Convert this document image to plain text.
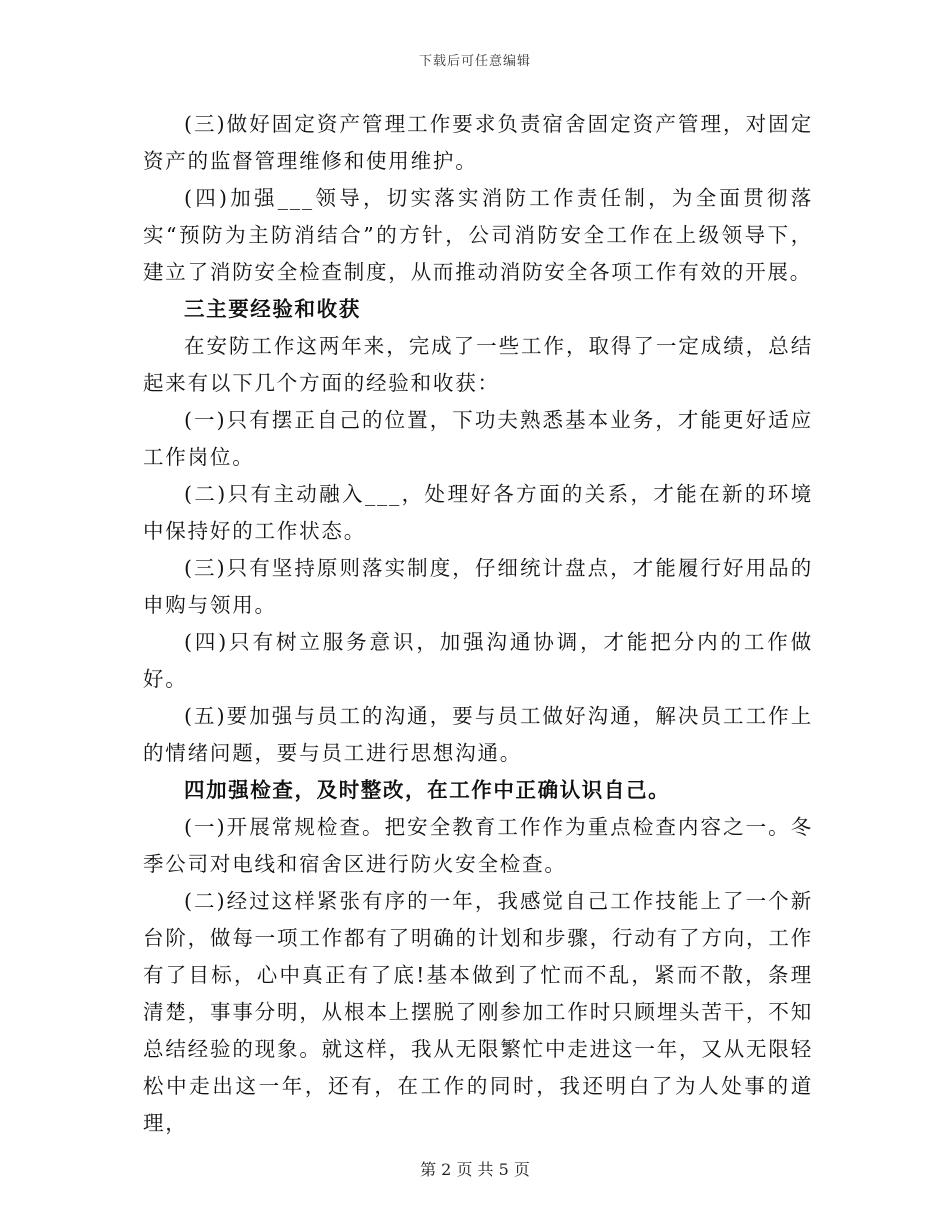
下载后可任意编辑

(三)做好固定资产管理工作要求负责宿舍固定资产管理，对固定资产的监督管理维修和使用维护。

(四)加强___领导，切实落实消防工作责任制，为全面贯彻落实“预防为主防消结合”的方针，公司消防安全工作在上级领导下，建立了消防安全检查制度，从而推动消防安全各项工作有效的开展。

三主要经验和收获

在安防工作这两年来，完成了一些工作，取得了一定成绩，总结起来有以下几个方面的经验和收获：

(一)只有摆正自己的位置，下功夫熟悉基本业务，才能更好适应工作岗位。

(二)只有主动融入___，处理好各方面的关系，才能在新的环境中保持好的工作状态。

(三)只有坚持原则落实制度，仔细统计盘点，才能履行好用品的申购与领用。

(四)只有树立服务意识，加强沟通协调，才能把分内的工作做好。

(五)要加强与员工的沟通，要与员工做好沟通，解决员工工作上的情绪问题，要与员工进行思想沟通。

四加强检查，及时整改，在工作中正确认识自己。

(一)开展常规检查。把安全教育工作作为重点检查内容之一。冬季公司对电线和宿舍区进行防火安全检查。

(二)经过这样紧张有序的一年，我感觉自己工作技能上了一个新台阶，做每一项工作都有了明确的计划和步骤，行动有了方向，工作有了目标，心中真正有了底!基本做到了忙而不乱，紧而不散，条理清楚，事事分明，从根本上摆脱了刚参加工作时只顾埋头苦干，不知总结经验的现象。就这样，我从无限繁忙中走进这一年，又从无限轻松中走出这一年，还有，在工作的同时，我还明白了为人处事的道理，

第 2 页 共 5 页
